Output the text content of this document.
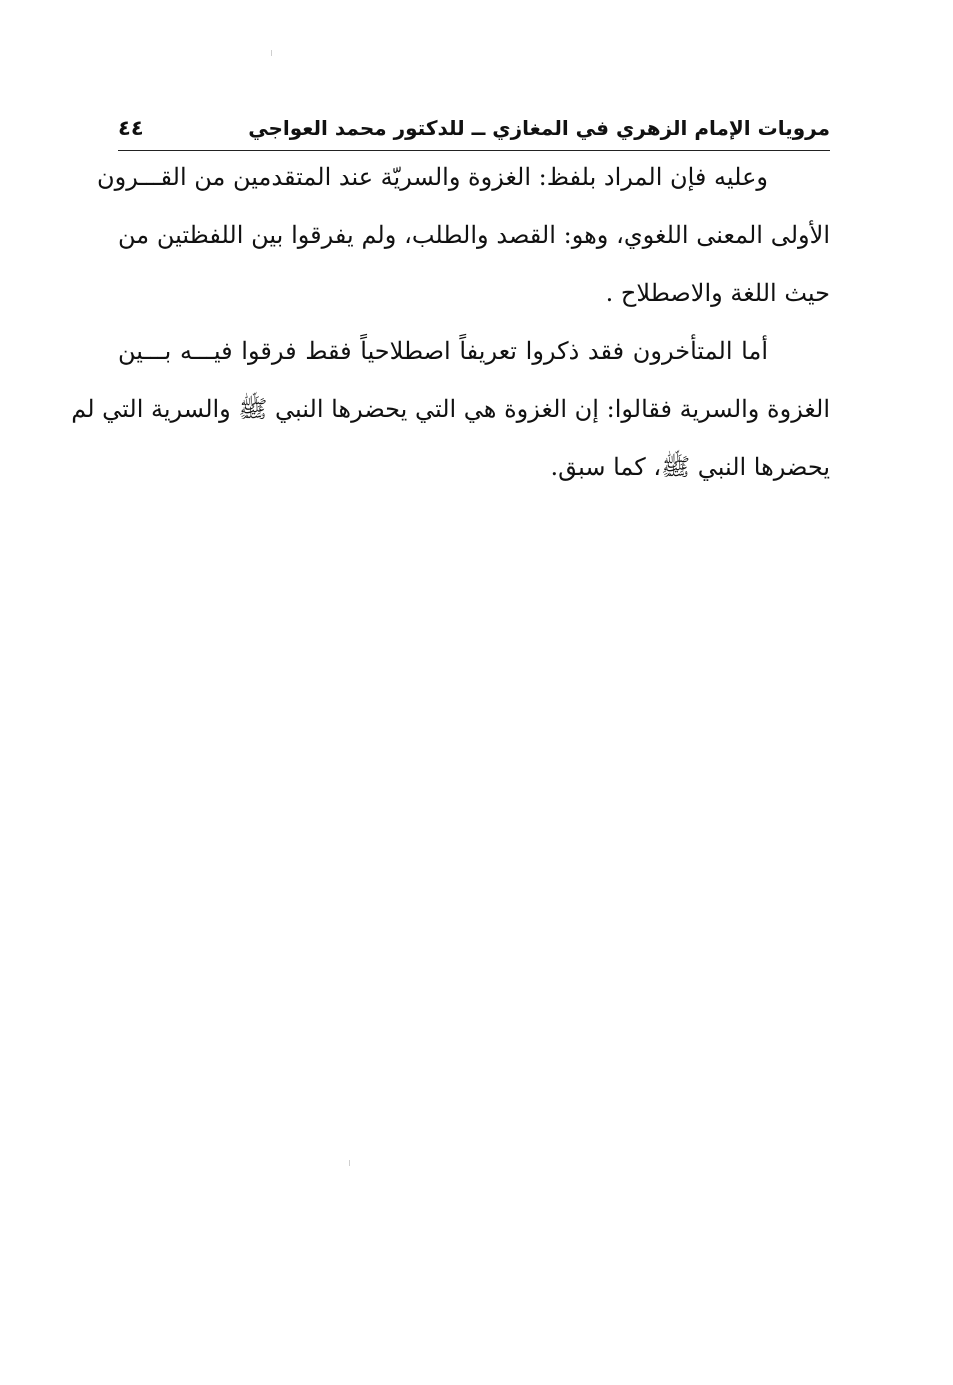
مرويات الإمام الزهري في المغازي ــ للدكتور محمد العواجي
٤٤
وعليه فإن المراد بلفظ: الغزوة والسريّة عند المتقدمين من القـــرون
الأولى المعنى اللغوي، وهو: القصد والطلب، ولم يفرقوا بين اللفظتين من
حيث اللغة والاصطلاح .
أما المتأخرون فقد ذكروا تعريفاً اصطلاحياً فقط فرقوا فيـــه بـــين
الغزوة والسرية فقالوا: إن الغزوة هي التي يحضرها النبي ﷺ والسرية التي لم
يحضرها النبي ﷺ، كما سبق.
